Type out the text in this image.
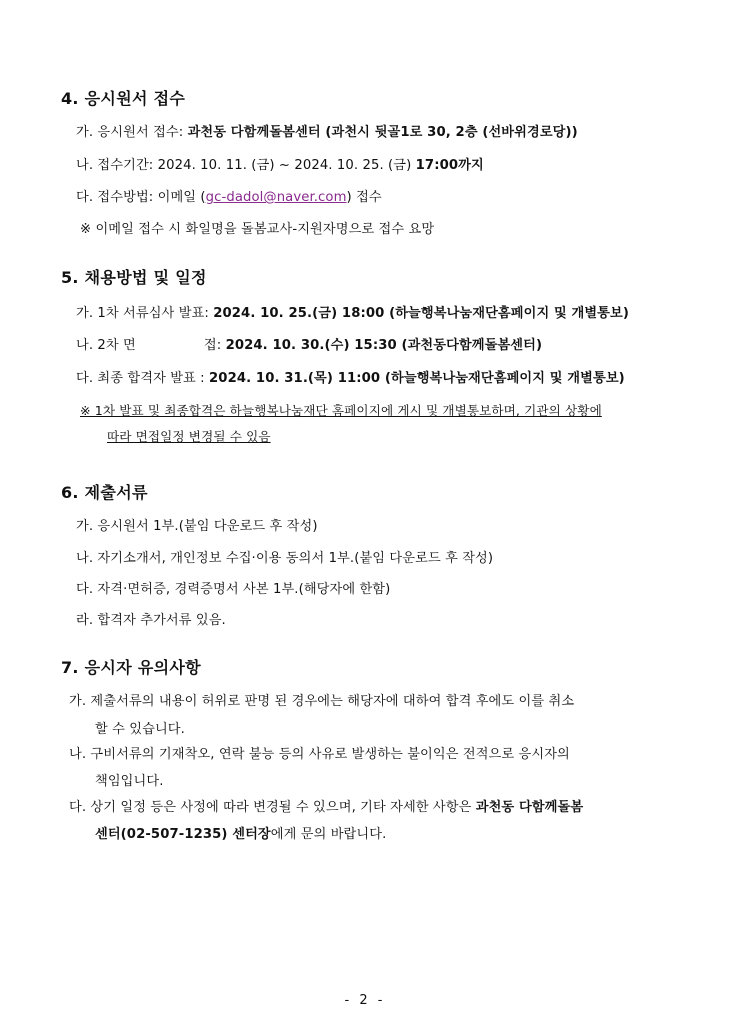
4. 응시원서 접수
가. 응시원서 접수: 과천동 다함께돌봄센터 (과천시 뒷골1로 30, 2층 (선바위경로당))
나. 접수기간: 2024. 10. 11. (금) ~ 2024. 10. 25. (금) 17:00까지
다. 접수방법: 이메일 (gc-dadol@naver.com) 접수
※ 이메일 접수 시 화일명을 돌봄교사-지원자명으로 접수 요망
5. 채용방법 및 일정
가. 1차 서류심사 발표: 2024. 10. 25.(금) 18:00 (하늘행복나눔재단홈페이지 및 개별통보)
나. 2차 면	접: 2024. 10. 30.(수) 15:30 (과천동다함께돌봄센터)
다. 최종 합격자 발표 : 2024. 10. 31.(목) 11:00 (하늘행복나눔재단홈페이지 및 개별통보)
※ 1차 발표 및 최종합격은 하늘행복나눔재단 홈페이지에 게시 및 개별통보하며, 기관의 상황에
따라 면접일정 변경될 수 있음
6. 제출서류
가. 응시원서 1부.(붙임 다운로드 후 작성)
나. 자기소개서, 개인정보 수집·이용 동의서 1부.(붙임 다운로드 후 작성)
다. 자격·면허증, 경력증명서 사본 1부.(해당자에 한함)
라. 합격자 추가서류 있음.
7. 응시자 유의사항
가. 제출서류의 내용이 허위로 판명 된 경우에는 해당자에 대하여 합격 후에도 이를 취소
할 수 있습니다.
나. 구비서류의 기재착오, 연락 불능 등의 사유로 발생하는 불이익은 전적으로 응시자의
책임입니다.
다. 상기 일정 등은 사정에 따라 변경될 수 있으며, 기타 자세한 사항은 과천동 다함께돌봄
센터(02-507-1235) 센터장에게 문의 바랍니다.
- 2 -
